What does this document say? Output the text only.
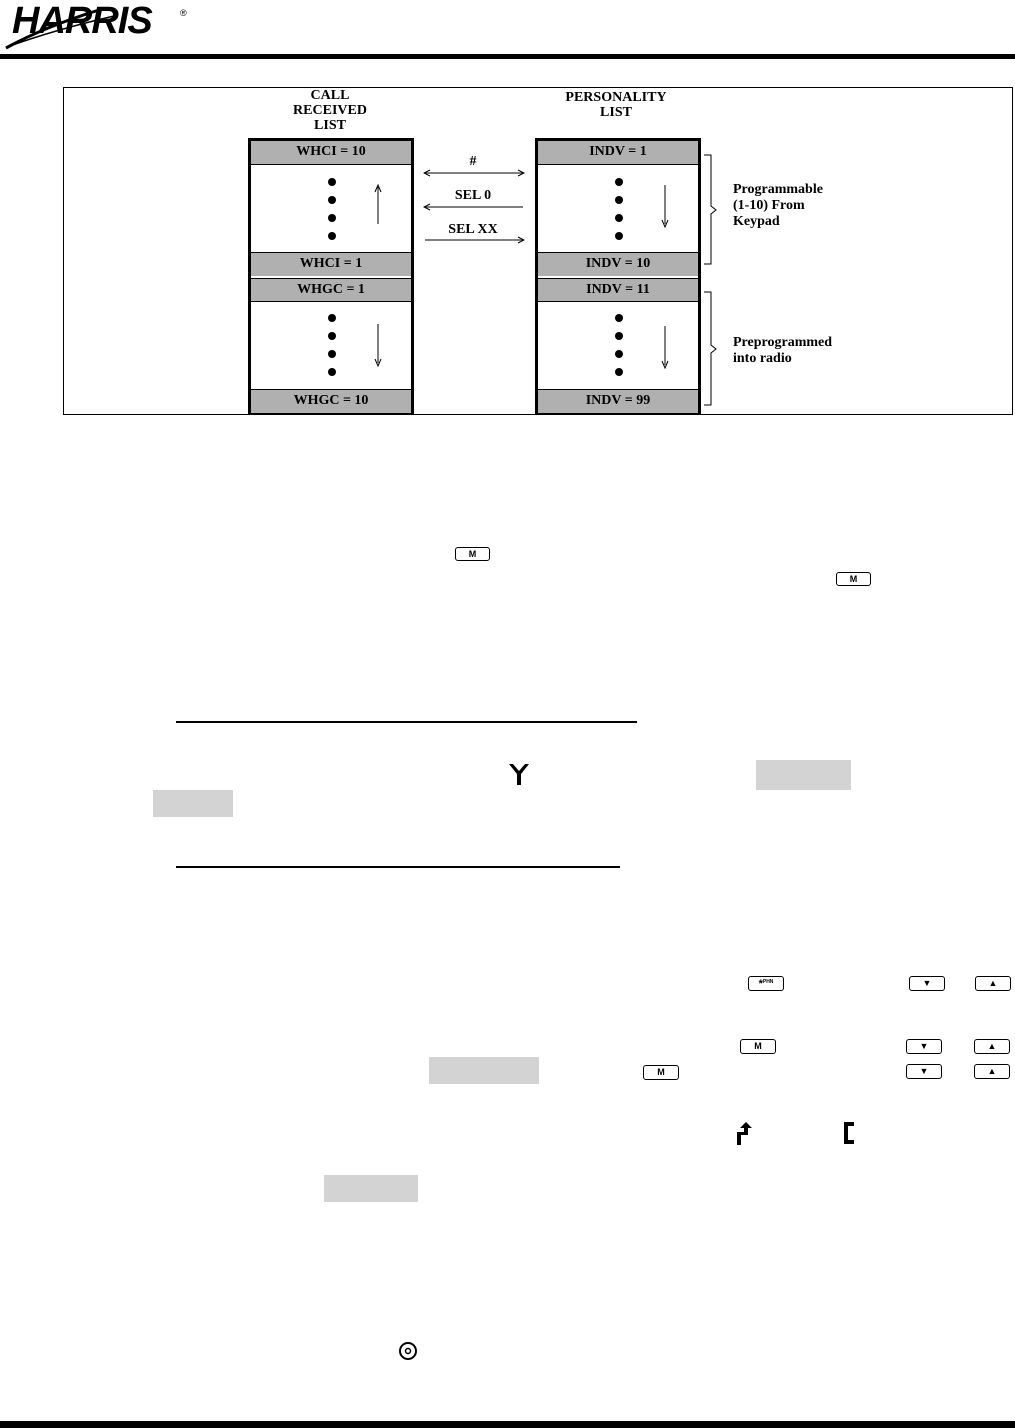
HARRIS	®
CALL
RECEIVED
LIST
PERSONALITY
LIST
WHCI = 10
WHCI = 1
WHGC = 1
WHGC = 10
INDV = 1
INDV = 10
INDV = 11
INDV = 99
#
SEL 0
SEL XX
Programmable
(1-10) From
Keypad
Preprogrammed
into radio
M
M
*$^{PHN}$	▼	▲
M	▼	▲
M	▼	▲
